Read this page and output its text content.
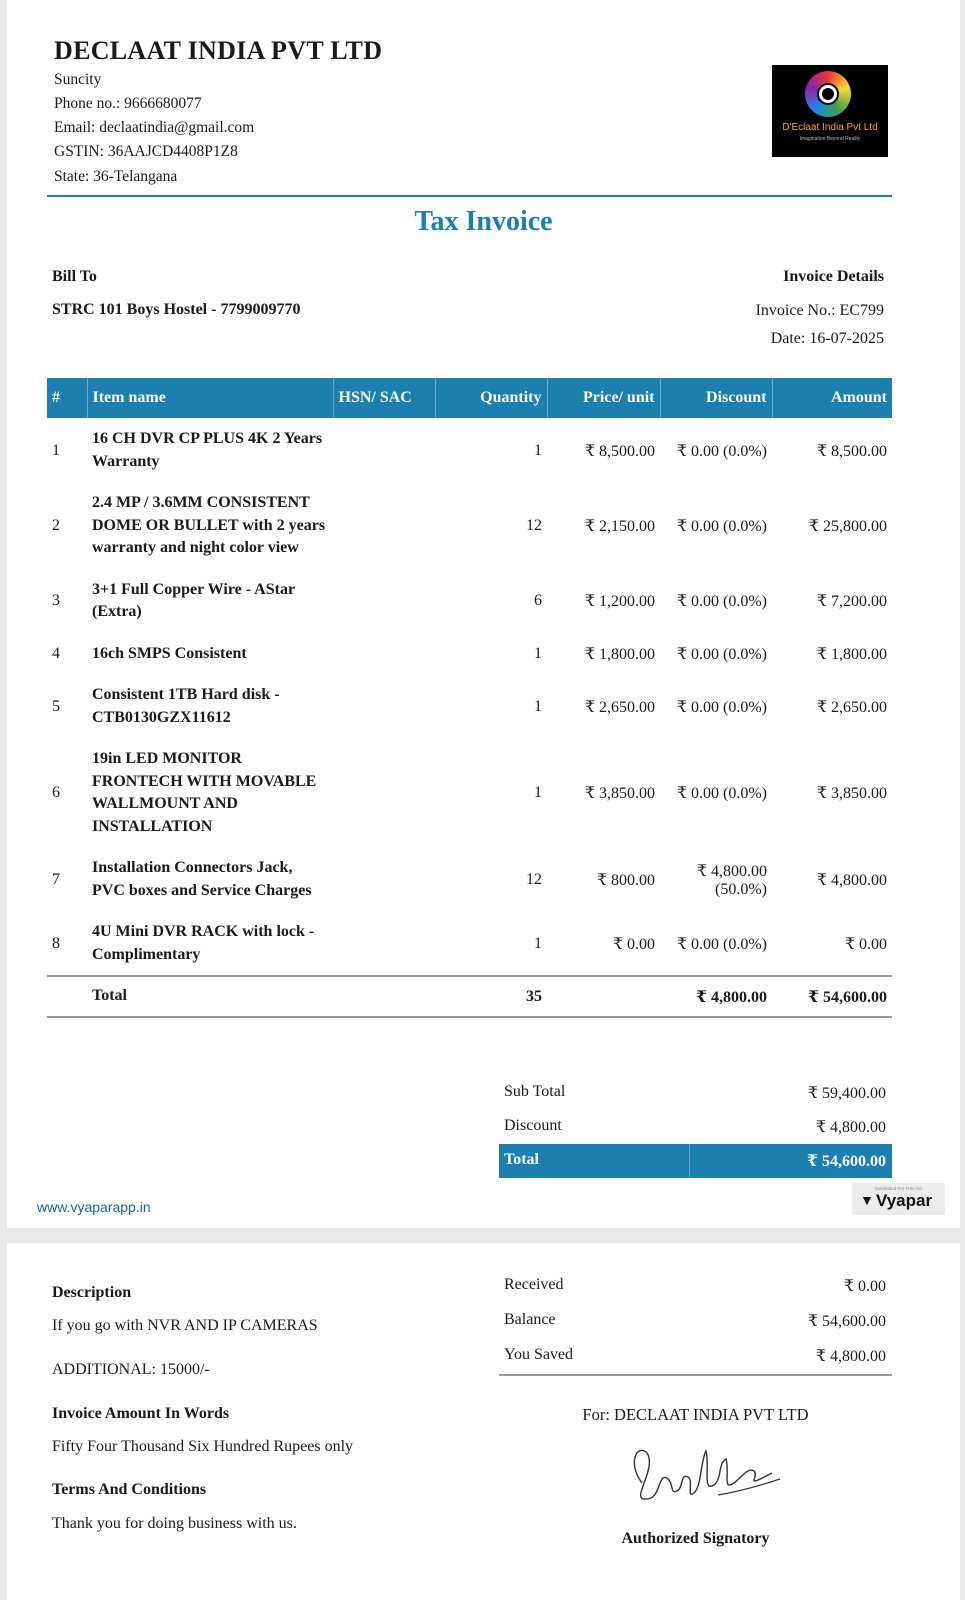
DECLAAT INDIA PVT LTD
Suncity
Phone no.: 9666680077
Email: declaatindia@gmail.com
GSTIN: 36AAJCD4408P1Z8
State: 36-Telangana
D'Eclaat India Pvt Ltd
Imagination Beyond Reality
Tax Invoice
Bill To
STRC 101 Boys Hostel - 7799009770
Invoice Details
Invoice No.: EC799
Date: 16-07-2025
#	Item name	HSN/ SAC	Quantity	Price/ unit	Discount	Amount
1	16 CH DVR CP PLUS 4K 2 Years Warranty		1	₹ 8,500.00	₹ 0.00 (0.0%)	₹ 8,500.00
2	2.4 MP / 3.6MM CONSISTENT DOME OR BULLET with 2 years warranty and night color view		12	₹ 2,150.00	₹ 0.00 (0.0%)	₹ 25,800.00
3	3+1 Full Copper Wire - AStar (Extra)		6	₹ 1,200.00	₹ 0.00 (0.0%)	₹ 7,200.00
4	16ch SMPS Consistent		1	₹ 1,800.00	₹ 0.00 (0.0%)	₹ 1,800.00
5	Consistent 1TB Hard disk - CTB0130GZX11612		1	₹ 2,650.00	₹ 0.00 (0.0%)	₹ 2,650.00
6	19in LED MONITOR FRONTECH WITH MOVABLE WALLMOUNT AND INSTALLATION		1	₹ 3,850.00	₹ 0.00 (0.0%)	₹ 3,850.00
7	Installation Connectors Jack, PVC boxes and Service Charges		12	₹ 800.00	₹ 4,800.00 (50.0%)	₹ 4,800.00
8	4U Mini DVR RACK with lock - Complimentary		1	₹ 0.00	₹ 0.00 (0.0%)	₹ 0.00
	Total		35		₹ 4,800.00	₹ 54,600.00
Sub Total	₹ 59,400.00
Discount	₹ 4,800.00
Total	₹ 54,600.00
www.vyaparapp.in
Generated For Free On
▼ Vyapar
Description
If you go with NVR AND IP CAMERAS
ADDITIONAL: 15000/-
Invoice Amount In Words
Fifty Four Thousand Six Hundred Rupees only
Terms And Conditions
Thank you for doing business with us.
Received	₹ 0.00
Balance	₹ 54,600.00
You Saved	₹ 4,800.00
For: DECLAAT INDIA PVT LTD
Authorized Signatory
